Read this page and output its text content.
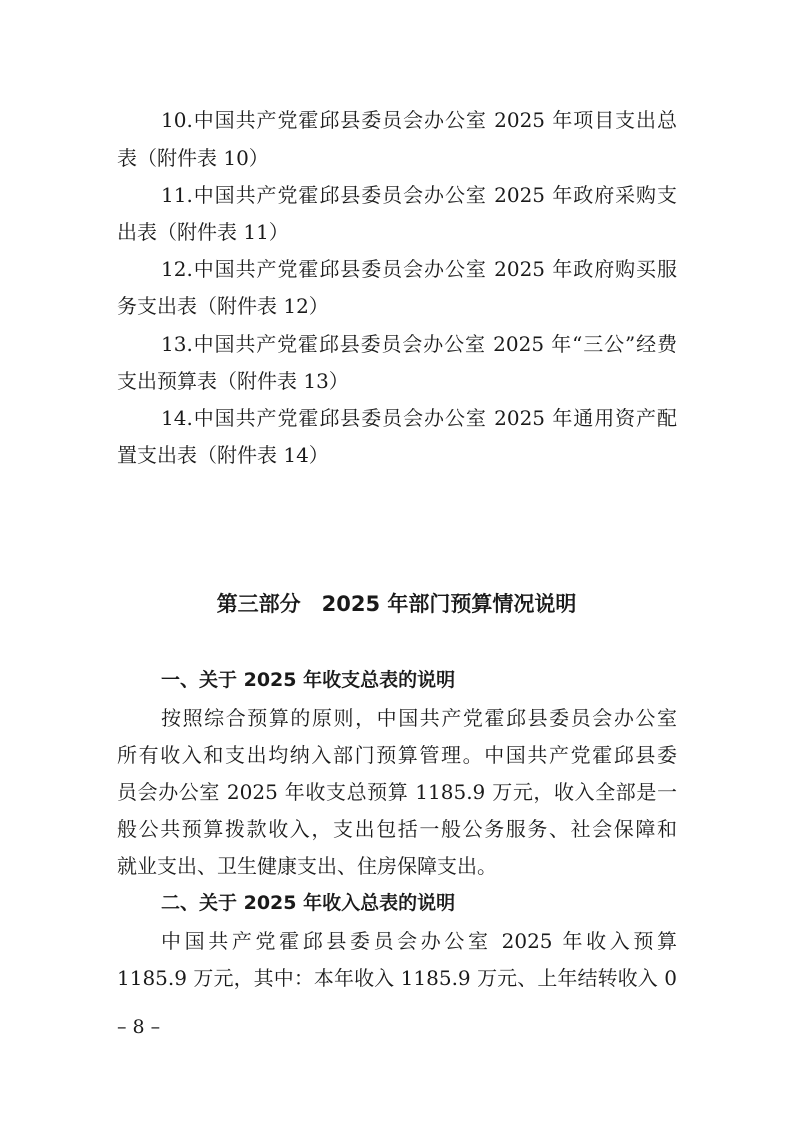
10.中国共产党霍邱县委员会办公室 2025 年项目支出总
表（附件表 10）
11.中国共产党霍邱县委员会办公室 2025 年政府采购支
出表（附件表 11）
12.中国共产党霍邱县委员会办公室 2025 年政府购买服
务支出表（附件表 12）
13.中国共产党霍邱县委员会办公室 2025 年“三公”经费
支出预算表（附件表 13）
14.中国共产党霍邱县委员会办公室 2025 年通用资产配
置支出表（附件表 14）
第三部分　2025 年部门预算情况说明
一、关于 2025 年收支总表的说明
按照综合预算的原则，中国共产党霍邱县委员会办公室
所有收入和支出均纳入部门预算管理。中国共产党霍邱县委
员会办公室 2025 年收支总预算 1185.9 万元，收入全部是一
般公共预算拨款收入，支出包括一般公务服务、社会保障和
就业支出、卫生健康支出、住房保障支出。
二、关于 2025 年收入总表的说明
中国共产党霍邱县委员会办公室 2025 年收入预算
1185.9 万元，其中：本年收入 1185.9 万元、上年结转收入 0
– 8 –
